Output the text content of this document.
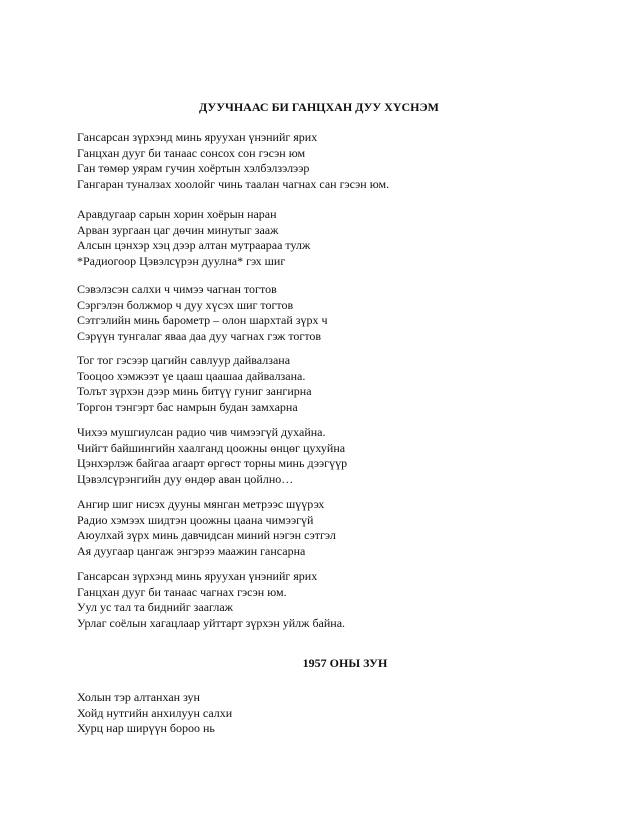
ДУУЧНААС БИ ГАНЦХАН ДУУ ХҮСНЭМ

Гансарсан зүрхэнд минь яруухан үнэнийг ярих

Ганцхан дууг би танаас сонсох сон гэсэн юм

Ган төмөр уярам гучин хоёртын хэлбэлзэлээр

Гангаран туналзах хоолойг чинь таалан чагнах сан гэсэн юм.

Аравдугаар сарын хорин хоёрын наран

Арван зургаан цаг дөчин минутыг зааж

Алсын цэнхэр хэц дээр алтан мутраараа тулж

*Радиогоор Цэвэлсүрэн дуулна* гэх шиг

Сэвэлзсэн салхи ч чимээ чагнан тогтов

Сэргэлэн болжмор ч дуу хүсэх шиг тогтов

Сэтгэлийн минь барометр – олон шархтай зүрх ч

Сэрүүн тунгалаг яваа даа дуу чагнах гэж тогтов

Тог тог гэсээр цагийн савлуур дайвалзана

Тооцоо хэмжээт үе цааш цаашаа дайвалзана.

Толът зүрхэн дээр минь битүү гуниг зангирна

Торгон тэнгэрт бас намрын будан замхарна

Чихээ мушгиулсан радио чив чимээгүй духайна.

Чийгт байшингийн хаалганд цоожны өнцөг цухуйна

Цэнхэрлэж байгаа агаарт өргөст торны минь дээгүүр

Цэвэлсүрэнгийн дуу өндөр аван цойлно…

Ангир шиг нисэх дууны мянган метрээс шүүрэх

Радио хэмээх шидтэн цоожны цаана чимээгүй

Аюулхай зүрх минь давчидсан миний нэгэн сэтгэл

Ая дуугаар цангаж энгэрээ маажин гансарна

Гансарсан зүрхэнд минь яруухан үнэнийг ярих

Ганцхан дууг би танаас чагнах гэсэн юм.

Уул ус тал та биднийг зааглаж

Урлаг соёлын хагацлаар уйттарт зүрхэн уйлж байна.

1957 ОНЫ ЗУН

Холын тэр алтанхан зун

Хойд нутгийн анхилуун салхи

Хурц нар ширүүн бороо нь
